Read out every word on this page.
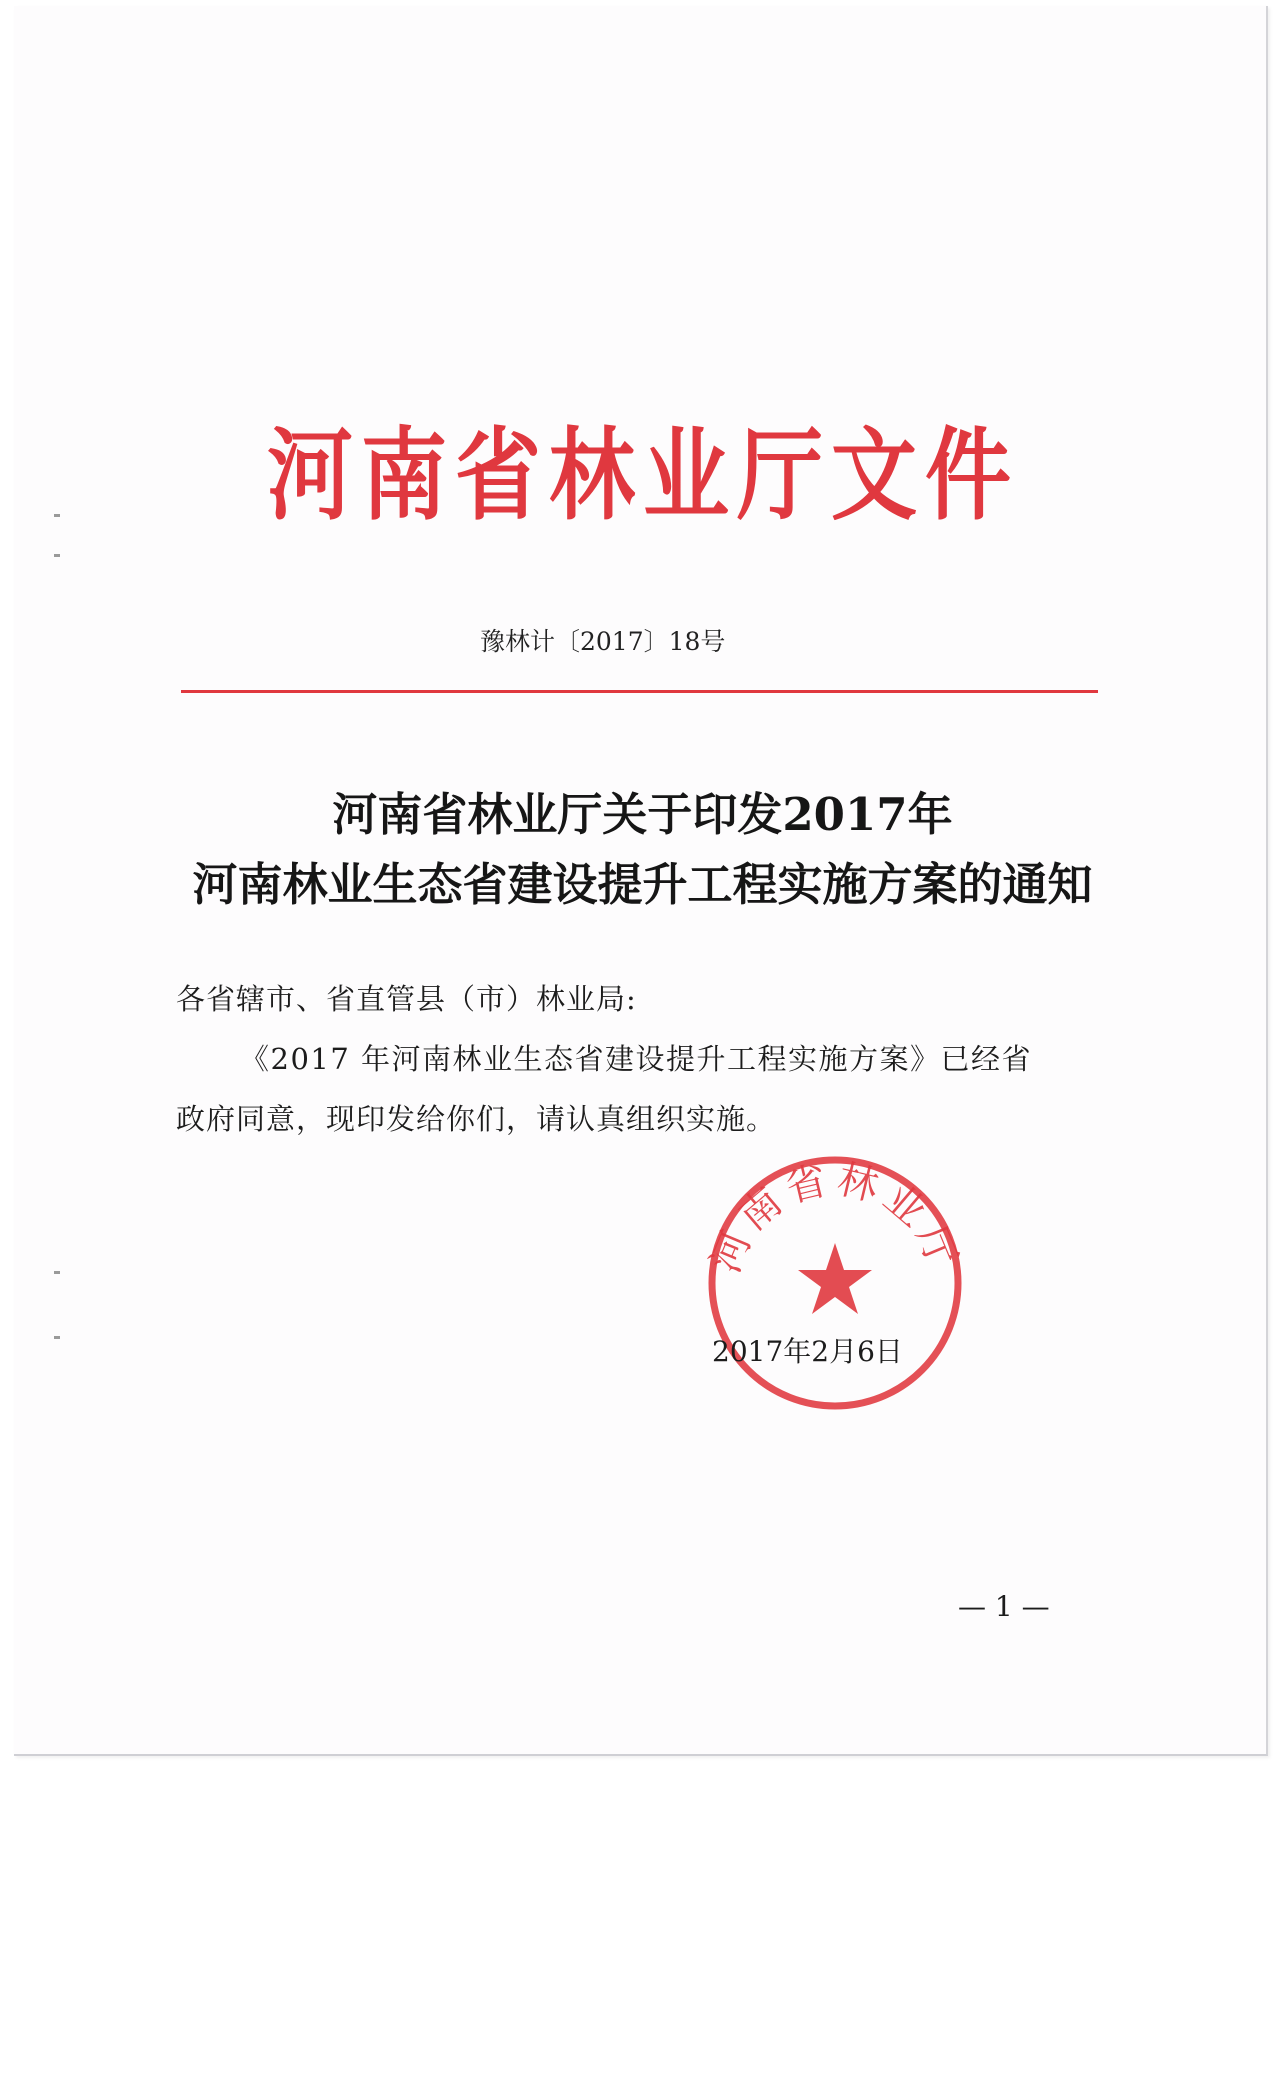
河南省林业厅文件
豫林计〔2017〕18号
河南省林业厅关于印发2017年
河南林业生态省建设提升工程实施方案的通知
各省辖市、省直管县（市）林业局:
《2017 年河南林业生态省建设提升工程实施方案》已经省
政府同意，现印发给你们，请认真组织实施。
河南省林业厅
2017年2月6日
— 1 —
